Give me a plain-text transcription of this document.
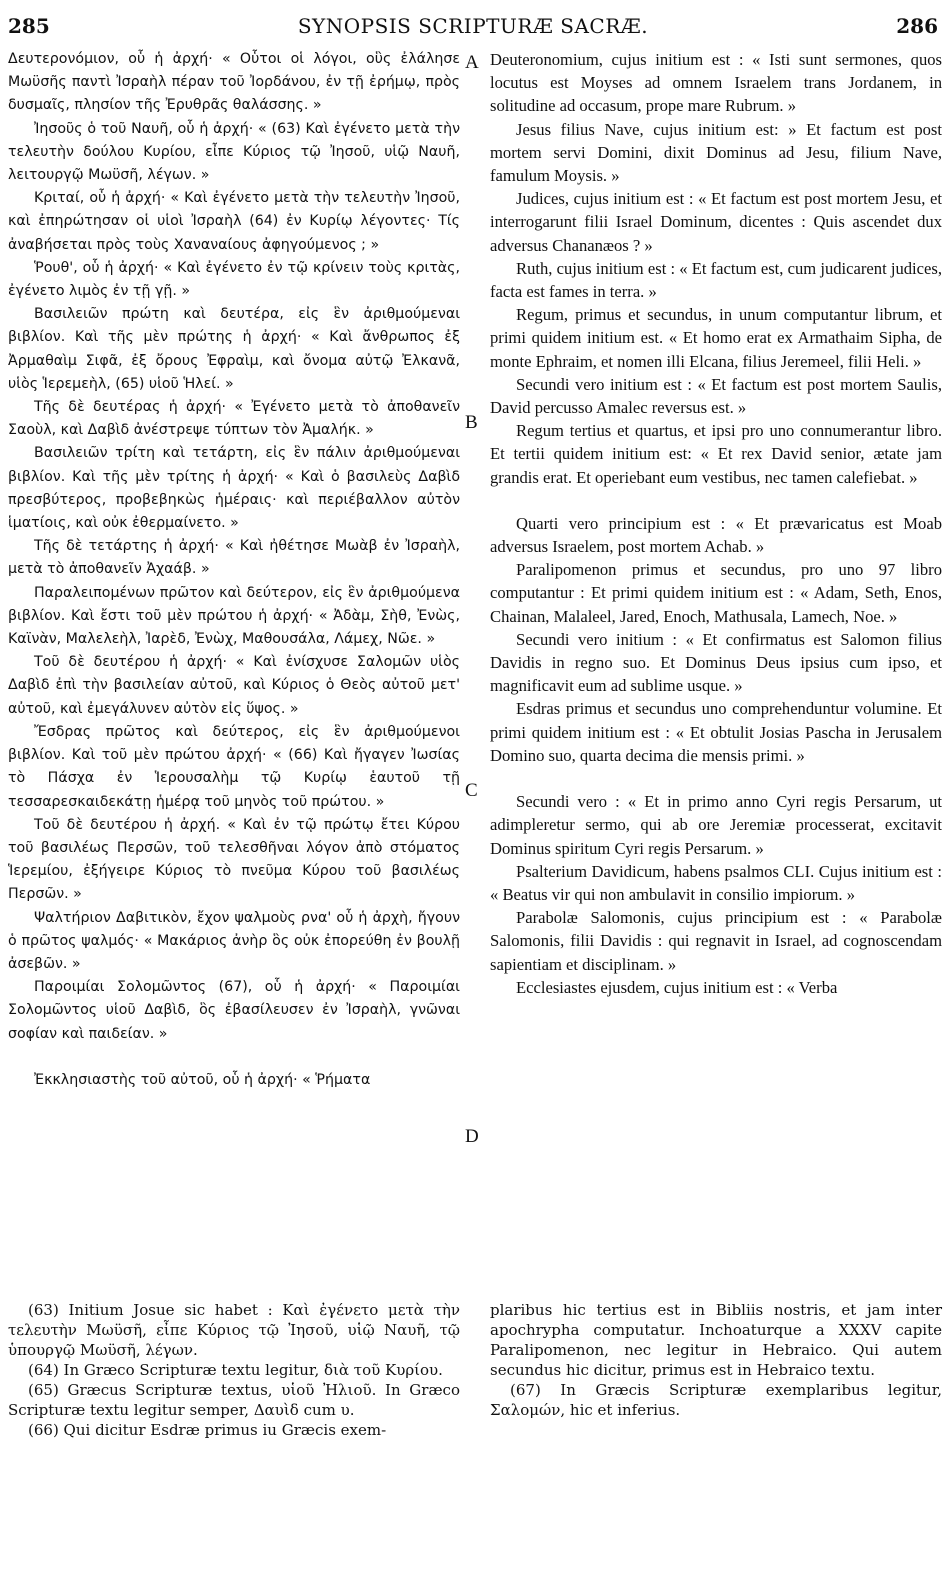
285	SYNOPSIS SCRIPTURÆ SACRÆ.	286
A
B
C
D

Δευτερονόμιον, οὗ ἡ ἀρχή· « Οὗτοι οἱ λόγοι, οὓς ἐλάλησε Μωϋσῆς παντὶ Ἰσραὴλ πέραν τοῦ Ἰορδάνου, ἐν τῇ ἐρήμῳ, πρὸς δυσμαῖς, πλησίον τῆς Ἐρυθρᾶς θαλάσσης. »

Ἰησοῦς ὁ τοῦ Ναυῆ, οὗ ἡ ἀρχή· « (63) Καὶ ἐγένετο μετὰ τὴν τελευτὴν δούλου Κυρίου, εἶπε Κύριος τῷ Ἰησοῦ, υἱῷ Ναυῆ, λειτουργῷ Μωϋσῆ, λέγων. »

Κριταί, οὗ ἡ ἀρχή· « Καὶ ἐγένετο μετὰ τὴν τελευτὴν Ἰησοῦ, καὶ ἐπηρώτησαν οἱ υἱοὶ Ἰσραὴλ (64) ἐν Κυρίῳ λέγοντες· Τίς ἀναβήσεται πρὸς τοὺς Χαναναίους ἀφηγούμενος ; »

Ῥουθ', οὗ ἡ ἀρχή· « Καὶ ἐγένετο ἐν τῷ κρίνειν τοὺς κριτὰς, ἐγένετο λιμὸς ἐν τῇ γῇ. »

Βασιλειῶν πρώτη καὶ δευτέρα, εἰς ἓν ἀριθμούμεναι βιβλίον. Καὶ τῆς μὲν πρώτης ἡ ἀρχή· « Καὶ ἄνθρωπος ἐξ Ἀρμαθαὶμ Σιφᾶ, ἐξ ὄρους Ἐφραὶμ, καὶ ὄνομα αὐτῷ Ἐλκανᾶ, υἱὸς Ἱερεμεὴλ, (65) υἱοῦ Ἡλεί. »

Τῆς δὲ δευτέρας ἡ ἀρχή· « Ἐγένετο μετὰ τὸ ἀποθανεῖν Σαοὺλ, καὶ Δαβὶδ ἀνέστρεψε τύπτων τὸν Ἀμαλήκ. »

Βασιλειῶν τρίτη καὶ τετάρτη, εἰς ἓν πάλιν ἀριθμούμεναι βιβλίον. Καὶ τῆς μὲν τρίτης ἡ ἀρχή· « Καὶ ὁ βασιλεὺς Δαβὶδ πρεσβύτερος, προβεβηκὼς ἡμέραις· καὶ περιέβαλλον αὐτὸν ἱματίοις, καὶ οὐκ ἐθερμαίνετο. »

Τῆς δὲ τετάρτης ἡ ἀρχή· « Καὶ ἠθέτησε Μωὰβ ἐν Ἰσραὴλ, μετὰ τὸ ἀποθανεῖν Ἀχαάβ. »

Παραλειπομένων πρῶτον καὶ δεύτερον, εἰς ἓν ἀριθμούμενα βιβλίον. Καὶ ἔστι τοῦ μὲν πρώτου ἡ ἀρχή· « Ἀδὰμ, Σὴθ, Ἐνὼς, Καϊνὰν, Μαλελεὴλ, Ἰαρὲδ, Ἐνὼχ, Μαθουσάλα, Λάμεχ, Νῶε. »

Τοῦ δὲ δευτέρου ἡ ἀρχή· « Καὶ ἐνίσχυσε Σαλομῶν υἱὸς Δαβὶδ ἐπὶ τὴν βασιλείαν αὐτοῦ, καὶ Κύριος ὁ Θεὸς αὐτοῦ μετ' αὐτοῦ, καὶ ἐμεγάλυνεν αὐτὸν εἰς ὕψος. »

Ἔσδρας πρῶτος καὶ δεύτερος, εἰς ἓν ἀριθμούμενοι βιβλίον. Καὶ τοῦ μὲν πρώτου ἀρχή· « (66) Καὶ ἤγαγεν Ἰωσίας τὸ Πάσχα ἐν Ἱερουσαλὴμ τῷ Κυρίῳ ἑαυτοῦ τῇ τεσσαρεσκαιδεκάτῃ ἡμέρᾳ τοῦ μηνὸς τοῦ πρώτου. »

Τοῦ δὲ δευτέρου ἡ ἀρχή. « Καὶ ἐν τῷ πρώτῳ ἔτει Κύρου τοῦ βασιλέως Περσῶν, τοῦ τελεσθῆναι λόγον ἀπὸ στόματος Ἱερεμίου, ἐξήγειρε Κύριος τὸ πνεῦμα Κύρου τοῦ βασιλέως Περσῶν. »

Ψαλτήριον Δαβιτικὸν, ἔχον ψαλμοὺς ρνα' οὗ ἡ ἀρχὴ, ἤγουν ὁ πρῶτος ψαλμός· « Μακάριος ἀνὴρ ὃς οὐκ ἐπορεύθη ἐν βουλῇ ἀσεβῶν. »

Παροιμίαι Σολομῶντος (67), οὗ ἡ ἀρχή· « Παροιμίαι Σολομῶντος υἱοῦ Δαβὶδ, ὃς ἐβασίλευσεν ἐν Ἰσραὴλ, γνῶναι σοφίαν καὶ παιδείαν. »

Ἐκκλησιαστὴς τοῦ αὐτοῦ, οὗ ἡ ἀρχή· « Ῥήματα

Deuteronomium, cujus initium est : « Isti sunt sermones, quos locutus est Moyses ad omnem Israelem trans Jordanem, in solitudine ad occasum, prope mare Rubrum. »

Jesus filius Nave, cujus initium est: » Et factum est post mortem servi Domini, dixit Dominus ad Jesu, filium Nave, famulum Moysis. »

Judices, cujus initium est : « Et factum est post mortem Jesu, et interrogarunt filii Israel Dominum, dicentes : Quis ascendet dux adversus Chananæos ? »

Ruth, cujus initium est : « Et factum est, cum judicarent judices, facta est fames in terra. »

Regum, primus et secundus, in unum computantur librum, et primi quidem initium est. « Et homo erat ex Armathaim Sipha, de monte Ephraim, et nomen illi Elcana, filius Jeremeel, filii Heli. »

Secundi vero initium est : « Et factum est post mortem Saulis, David percusso Amalec reversus est. »

Regum tertius et quartus, et ipsi pro uno connumerantur libro. Et tertii quidem initium est: « Et rex David senior, ætate jam grandis erat. Et operiebant eum vestibus, nec tamen calefiebat. »

Quarti vero principium est : « Et prævaricatus est Moab adversus Israelem, post mortem Achab. »

Paralipomenon primus et secundus, pro uno 97 libro computantur : Et primi quidem initium est : « Adam, Seth, Enos, Chainan, Malaleel, Jared, Enoch, Mathusala, Lamech, Noe. »

Secundi vero initium : « Et confirmatus est Salomon filius Davidis in regno suo. Et Dominus Deus ipsius cum ipso, et magnificavit eum ad sublime usque. »

Esdras primus et secundus uno comprehenduntur volumine. Et primi quidem initium est : « Et obtulit Josias Pascha in Jerusalem Domino suo, quarta decima die mensis primi. »

Secundi vero : « Et in primo anno Cyri regis Persarum, ut adimpleretur sermo, qui ab ore Jeremiæ processerat, excitavit Dominus spiritum Cyri regis Persarum. »

Psalterium Davidicum, habens psalmos CLI. Cujus initium est : « Beatus vir qui non ambulavit in consilio impiorum. »

Parabolæ Salomonis, cujus principium est : « Parabolæ Salomonis, filii Davidis : qui regnavit in Israel, ad cognoscendam sapientiam et disciplinam. »

Ecclesiastes ejusdem, cujus initium est : « Verba

(63) Initium Josue sic habet : Καὶ ἐγένετο μετὰ τὴν τελευτὴν Μωϋσῆ, εἶπε Κύριος τῷ Ἰησοῦ, υἱῷ Ναυῆ, τῷ ὑπουργῷ Μωϋσῆ, λέγων.

(64) In Græco Scripturæ textu legitur, διὰ τοῦ Κυρίου.

(65) Græcus Scripturæ textus, υἱοῦ Ἠλιοῦ. In Græco Scripturæ textu legitur semper, Δαυὶδ cum υ.

(66) Qui dicitur Esdræ primus iu Græcis exem-

plaribus hic tertius est in Bibliis nostris, et jam inter apochrypha computatur. Inchoaturque a XXXV capite Paralipomenon, nec legitur in Hebraico. Qui autem secundus hic dicitur, primus est in Hebraico textu.

(67) In Græcis Scripturæ exemplaribus legitur, Σαλομών, hic et inferius.
